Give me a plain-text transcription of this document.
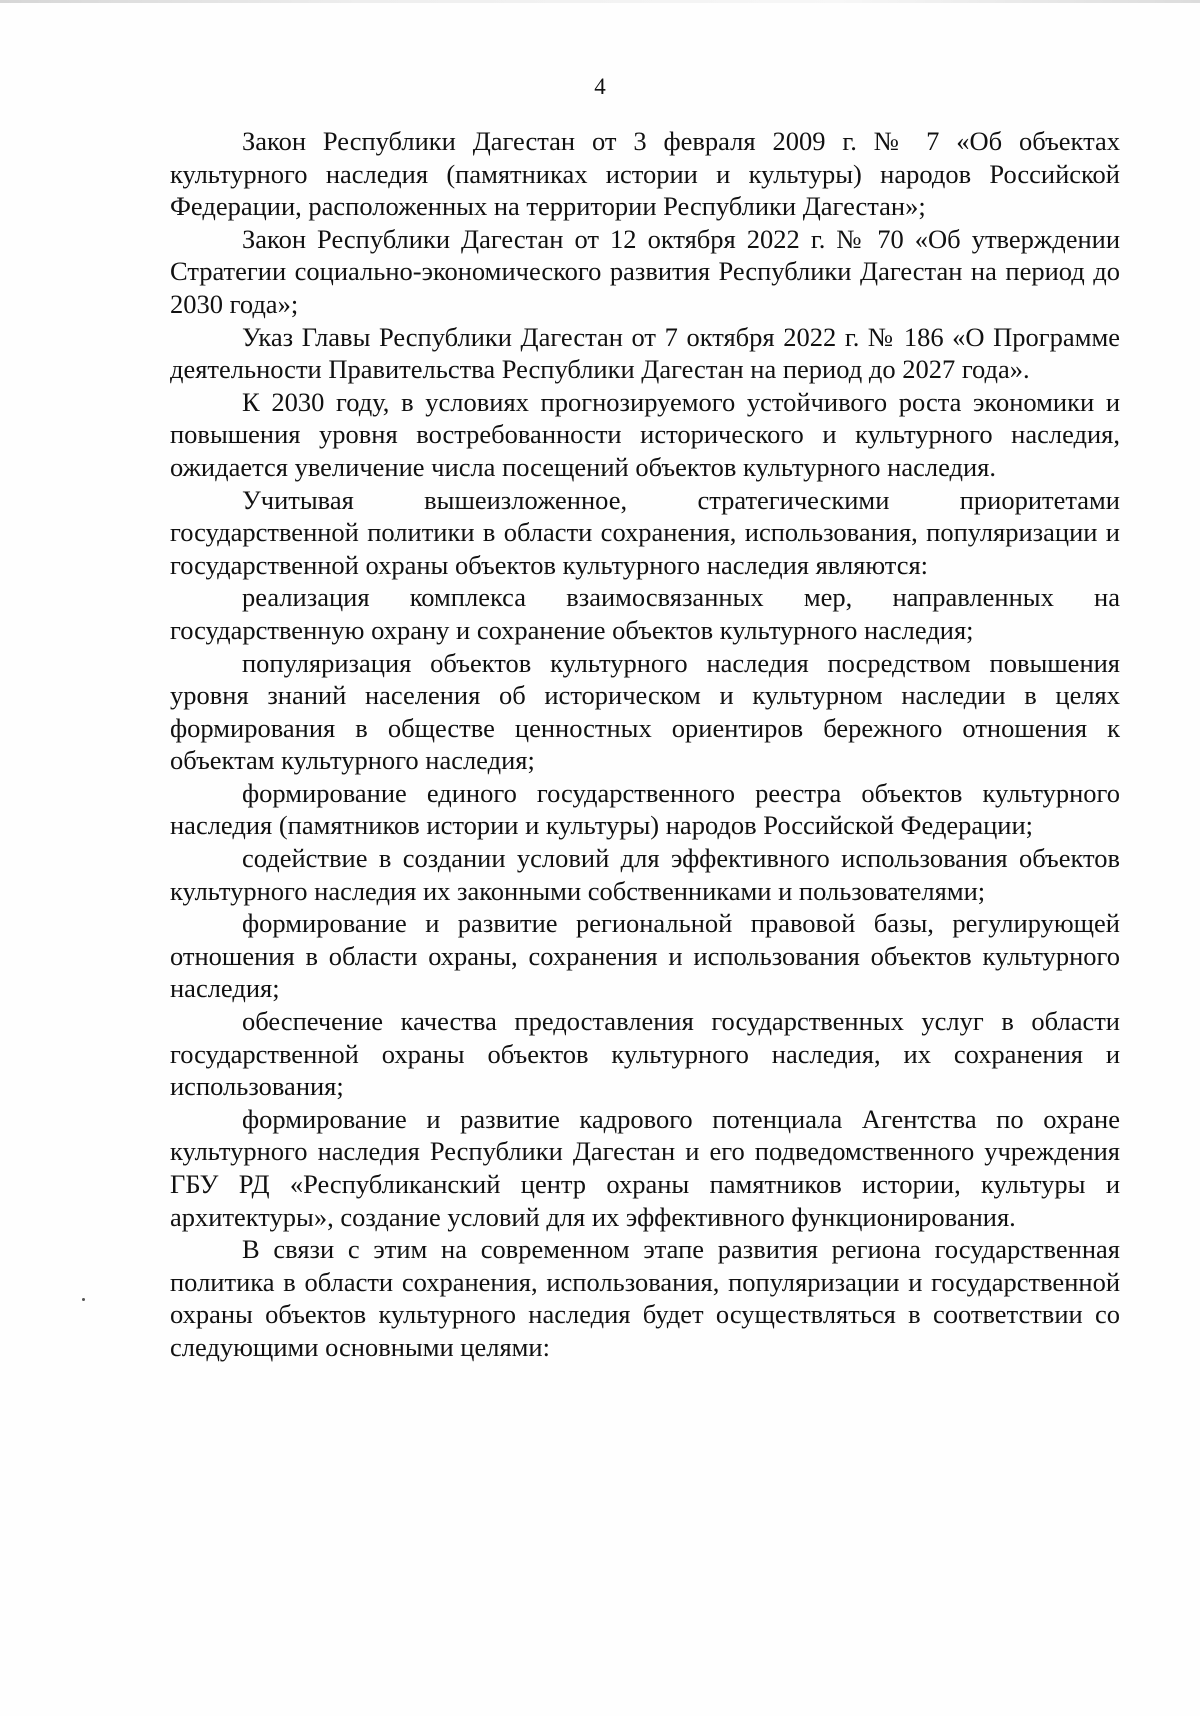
4

Закон Республики Дагестан от 3 февраля 2009 г. № 7 «Об объектах культурного наследия (памятниках истории и культуры) народов Российской Федерации, расположенных на территории Республики Дагестан»;

Закон Республики Дагестан от 12 октября 2022 г. № 70 «Об утверждении Стратегии социально-экономического развития Республики Дагестан на период до 2030 года»;

Указ Главы Республики Дагестан от 7 октября 2022 г. № 186 «О Программе деятельности Правительства Республики Дагестан на период до 2027 года».

К 2030 году, в условиях прогнозируемого устойчивого роста экономики и повышения уровня востребованности исторического и культурного наследия, ожидается увеличение числа посещений объектов культурного наследия.

Учитывая вышеизложенное, стратегическими приоритетами государственной политики в области сохранения, использования, популяризации и государственной охраны объектов культурного наследия являются:

реализация комплекса взаимосвязанных мер, направленных на государственную охрану и сохранение объектов культурного наследия;

популяризация объектов культурного наследия посредством повышения уровня знаний населения об историческом и культурном наследии в целях формирования в обществе ценностных ориентиров бережного отношения к объектам культурного наследия;

формирование единого государственного реестра объектов культурного наследия (памятников истории и культуры) народов Российской Федерации;

содействие в создании условий для эффективного использования объектов культурного наследия их законными собственниками и пользователями;

формирование и развитие региональной правовой базы, регулирующей отношения в области охраны, сохранения и использования объектов культурного наследия;

обеспечение качества предоставления государственных услуг в области государственной охраны объектов культурного наследия, их сохранения и использования;

формирование и развитие кадрового потенциала Агентства по охране культурного наследия Республики Дагестан и его подведомственного учреждения ГБУ РД «Республиканский центр охраны памятников истории, культуры и архитектуры», создание условий для их эффективного функционирования.

В связи с этим на современном этапе развития региона государственная политика в области сохранения, использования, популяризации и государственной охраны объектов культурного наследия будет осуществляться в соответствии со следующими основными целями:
